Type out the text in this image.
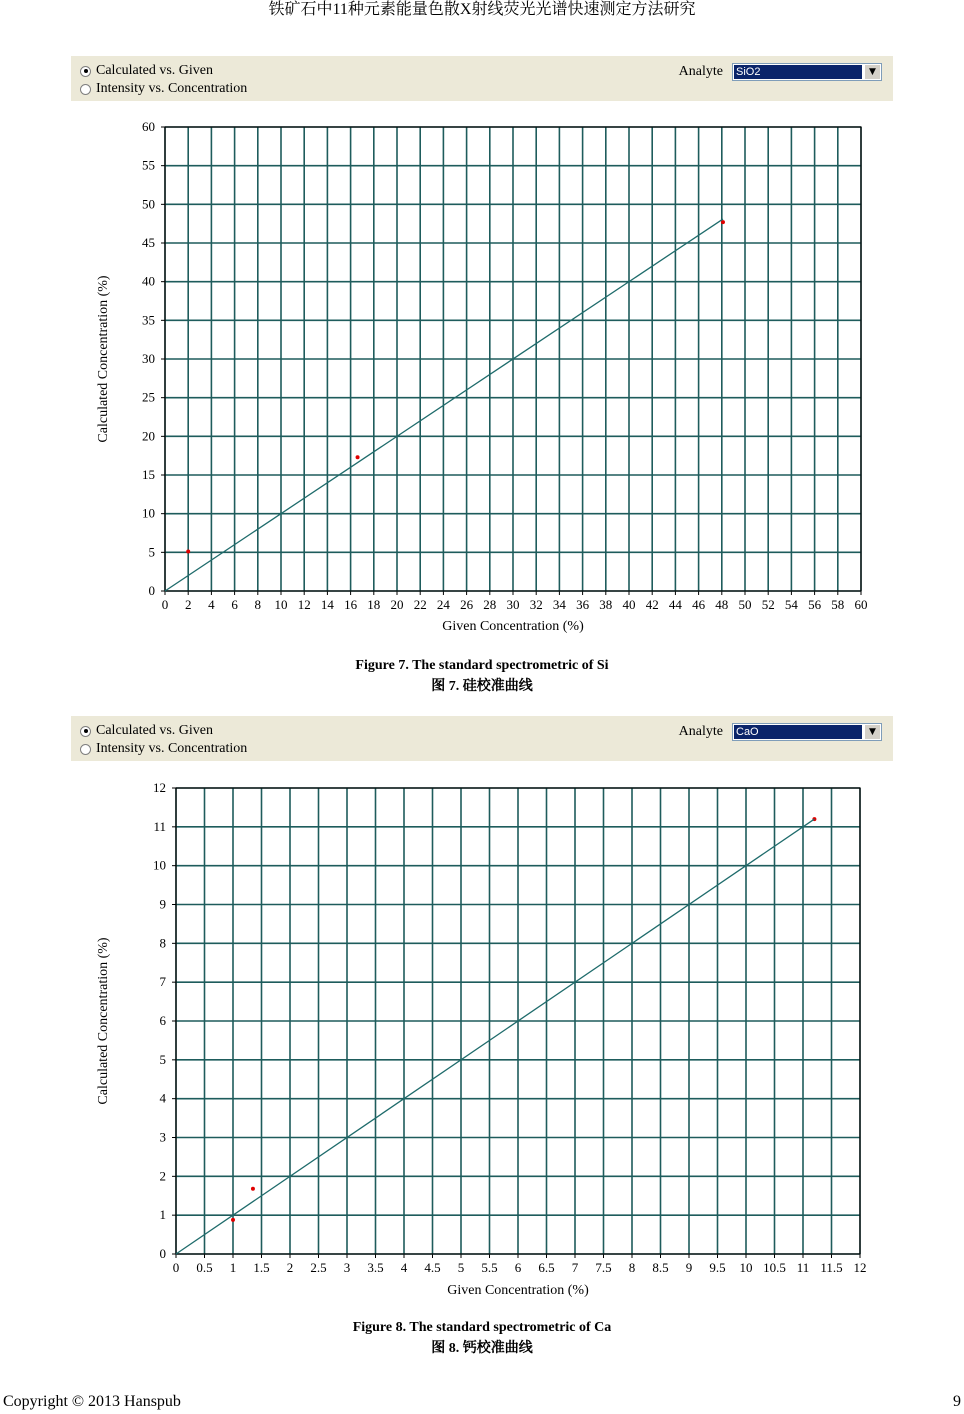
铁矿石中11种元素能量色散X射线荧光光谱快速测定方法研究
Calculated vs. Given
Intensity vs. Concentration
Analyte SiO2	▼
0 2 4 6 8 10 12 14 16 18 20 22 24 26 28 30 32 34 36 38 40 42 44 46 48 50 52 54 56 58 60
0
5
10
15
20
25
30
35
40
45
50
55
60
Given Concentration (%)
Calculated Concentration (%)
Figure 7. The standard spectrometric of Si
图 7. 硅校准曲线
Calculated vs. Given
Intensity vs. Concentration
Analyte CaO	▼
0 0.5 1 1.5 2 2.5 3 3.5 4 4.5 5 5.5 6 6.5 7 7.5 8 8.5 9 9.5 10 10.5 11 11.5 12
0
1
2
3
4
5
6
7
8
9
10
11
12
Given Concentration (%)
Calculated Concentration (%)
Figure 8. The standard spectrometric of Ca
图 8. 钙校准曲线
Copyright © 2013 Hanspub	9
